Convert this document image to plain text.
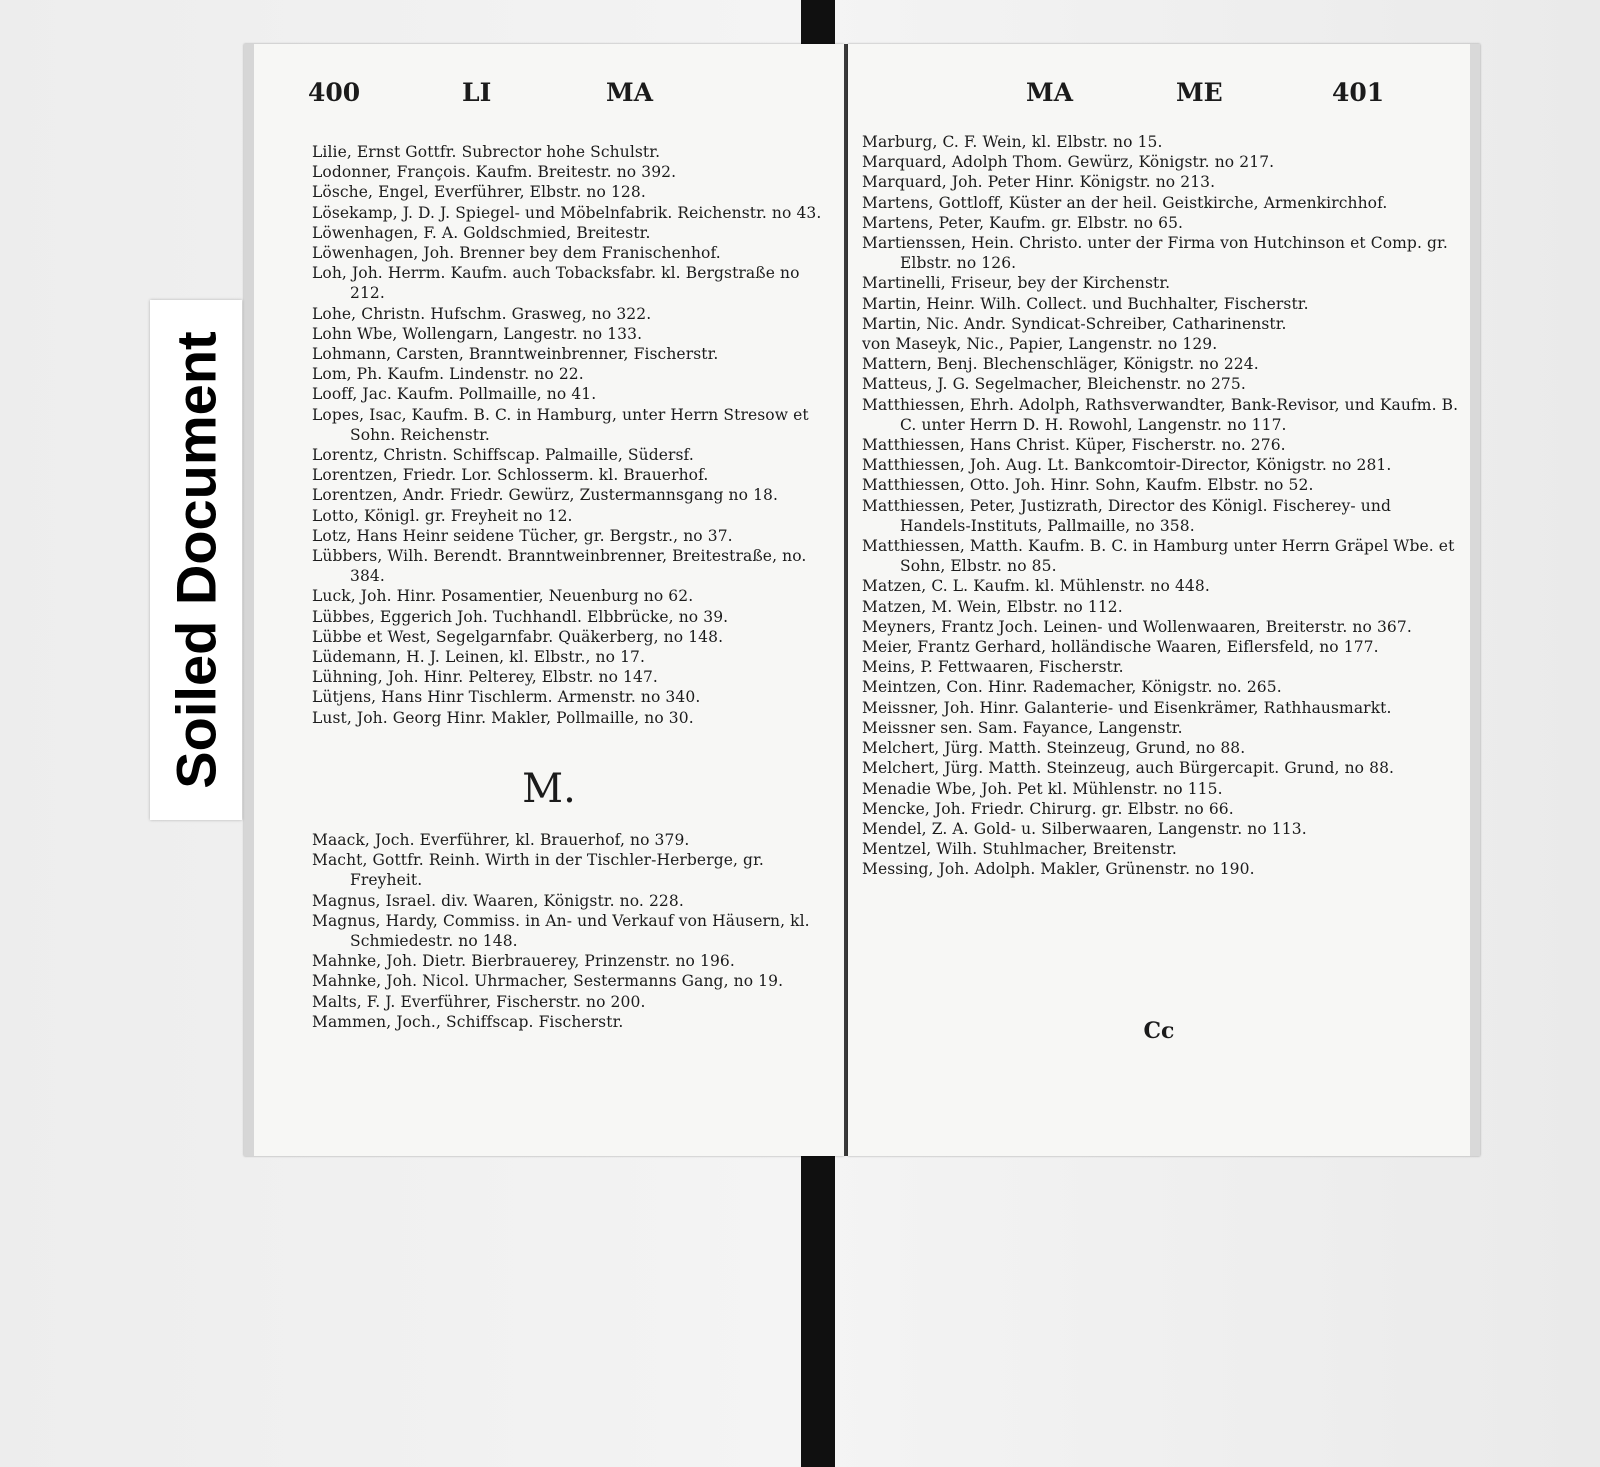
400	LI	MA
Lilie, Ernst Gottfr. Subrector hohe Schulstr.
Lodonner, François. Kaufm. Breitestr. no 392.
Lösche, Engel, Everführer, Elbstr. no 128.
Lösekamp, J. D. J. Spiegel- und Möbelnfabrik. Reichenstr. no 43.
Löwenhagen, F. A. Goldschmied, Breitestr.
Löwenhagen, Joh. Brenner bey dem Franischenhof.
Loh, Joh. Herrm. Kaufm. auch Tobacksfabr. kl. Bergstraße no 212.
Lohe, Christn. Hufschm. Grasweg, no 322.
Lohn Wbe, Wollengarn, Langestr. no 133.
Lohmann, Carsten, Branntweinbrenner, Fischerstr.
Lom, Ph. Kaufm. Lindenstr. no 22.
Looff, Jac. Kaufm. Pollmaille, no 41.
Lopes, Isac, Kaufm. B. C. in Hamburg, unter Herrn Stresow et Sohn. Reichenstr.
Lorentz, Christn. Schiffscap. Palmaille, Südersf.
Lorentzen, Friedr. Lor. Schlosserm. kl. Brauerhof.
Lorentzen, Andr. Friedr. Gewürz, Zustermannsgang no 18.
Lotto, Königl. gr. Freyheit no 12.
Lotz, Hans Heinr seidene Tücher, gr. Bergstr., no 37.
Lübbers, Wilh. Berendt. Branntweinbrenner, Breitestraße, no. 384.
Luck, Joh. Hinr. Posamentier, Neuenburg no 62.
Lübbes, Eggerich Joh. Tuchhandl. Elbbrücke, no 39.
Lübbe et West, Segelgarnfabr. Quäkerberg, no 148.
Lüdemann, H. J. Leinen, kl. Elbstr., no 17.
Lühning, Joh. Hinr. Pelterey, Elbstr. no 147.
Lütjens, Hans Hinr Tischlerm. Armenstr. no 340.
Lust, Joh. Georg Hinr. Makler, Pollmaille, no 30.
M.
Maack, Joch. Everführer, kl. Brauerhof, no 379.
Macht, Gottfr. Reinh. Wirth in der Tischler-Herberge, gr. Freyheit.
Magnus, Israel. div. Waaren, Königstr. no. 228.
Magnus, Hardy, Commiss. in An- und Verkauf von Häusern, kl. Schmiedestr. no 148.
Mahnke, Joh. Dietr. Bierbrauerey, Prinzenstr. no 196.
Mahnke, Joh. Nicol. Uhrmacher, Sestermanns Gang, no 19.
Malts, F. J. Everführer, Fischerstr. no 200.
Mammen, Joch., Schiffscap. Fischerstr.
MA	ME	401
Marburg, C. F. Wein, kl. Elbstr. no 15.
Marquard, Adolph Thom. Gewürz, Königstr. no 217.
Marquard, Joh. Peter Hinr. Königstr. no 213.
Martens, Gottloff, Küster an der heil. Geistkirche, Armenkirchhof.
Martens, Peter, Kaufm. gr. Elbstr. no 65.
Martienssen, Hein. Christo. unter der Firma von Hutchinson et Comp. gr. Elbstr. no 126.
Martinelli, Friseur, bey der Kirchenstr.
Martin, Heinr. Wilh. Collect. und Buchhalter, Fischerstr.
Martin, Nic. Andr. Syndicat-Schreiber, Catharinenstr.
von Maseyk, Nic., Papier, Langenstr. no 129.
Mattern, Benj. Blechenschläger, Königstr. no 224.
Matteus, J. G. Segelmacher, Bleichenstr. no 275.
Matthiessen, Ehrh. Adolph, Rathsverwandter, Bank-Revisor, und Kaufm. B. C. unter Herrn D. H. Rowohl, Langenstr. no 117.
Matthiessen, Hans Christ. Küper, Fischerstr. no. 276.
Matthiessen, Joh. Aug. Lt. Bankcomtoir-Director, Königstr. no 281.
Matthiessen, Otto. Joh. Hinr. Sohn, Kaufm. Elbstr. no 52.
Matthiessen, Peter, Justizrath, Director des Königl. Fischerey- und Handels-Instituts, Pallmaille, no 358.
Matthiessen, Matth. Kaufm. B. C. in Hamburg unter Herrn Gräpel Wbe. et Sohn, Elbstr. no 85.
Matzen, C. L. Kaufm. kl. Mühlenstr. no 448.
Matzen, M. Wein, Elbstr. no 112.
Meyners, Frantz Joch. Leinen- und Wollenwaaren, Breiterstr. no 367.
Meier, Frantz Gerhard, holländische Waaren, Eiflersfeld, no 177.
Meins, P. Fettwaaren, Fischerstr.
Meintzen, Con. Hinr. Rademacher, Königstr. no. 265.
Meissner, Joh. Hinr. Galanterie- und Eisenkrämer, Rathhausmarkt.
Meissner sen. Sam. Fayance, Langenstr.
Melchert, Jürg. Matth. Steinzeug, Grund, no 88.
Melchert, Jürg. Matth. Steinzeug, auch Bürgercapit. Grund, no 88.
Menadie Wbe, Joh. Pet kl. Mühlenstr. no 115.
Mencke, Joh. Friedr. Chirurg. gr. Elbstr. no 66.
Mendel, Z. A. Gold- u. Silberwaaren, Langenstr. no 113.
Mentzel, Wilh. Stuhlmacher, Breitenstr.
Messing, Joh. Adolph. Makler, Grünenstr. no 190.
Cc
Soiled Document
